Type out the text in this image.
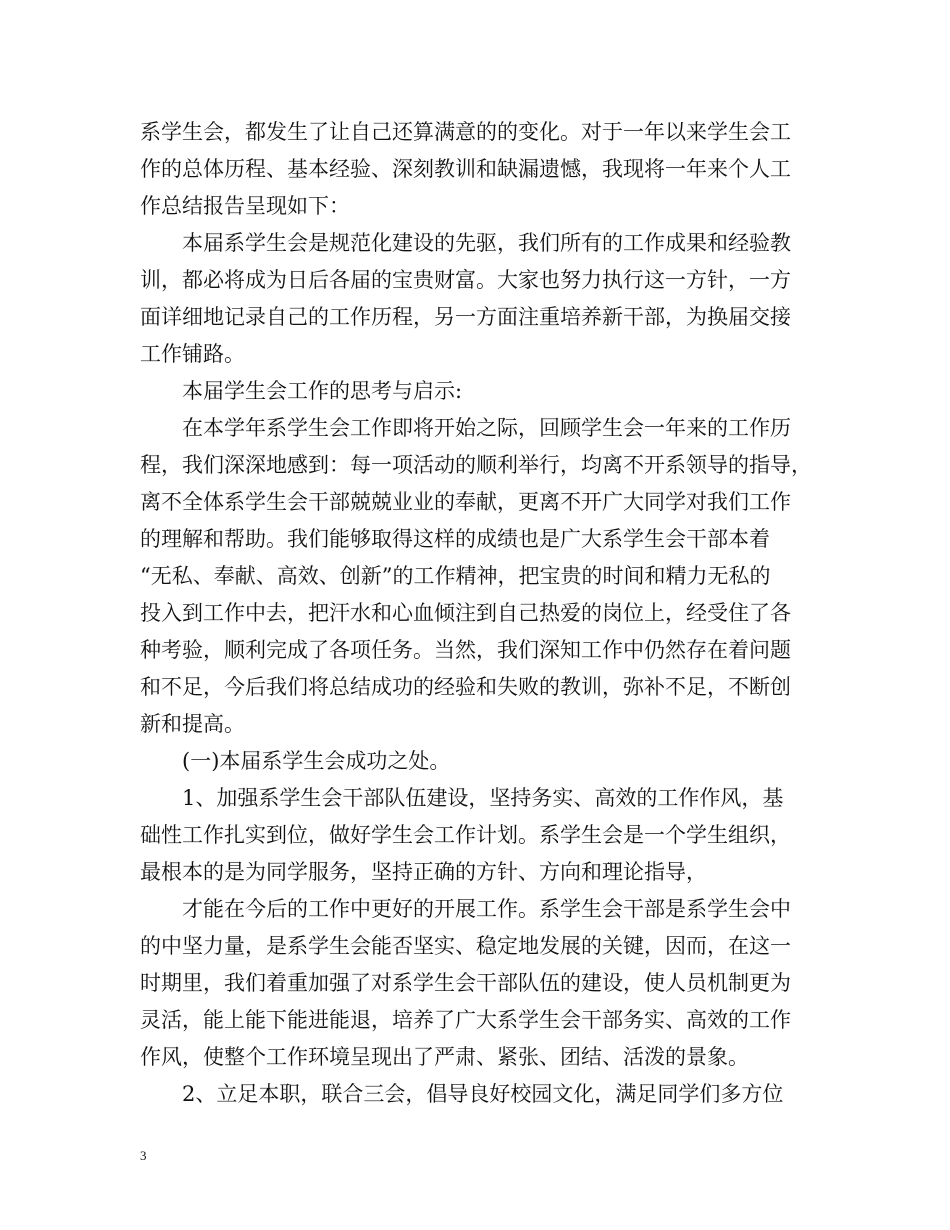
系学生会，都发生了让自己还算满意的的变化。对于一年以来学生会工
作的总体历程、基本经验、深刻教训和缺漏遗憾，我现将一年来个人工
作总结报告呈现如下：
本届系学生会是规范化建设的先驱，我们所有的工作成果和经验教
训，都必将成为日后各届的宝贵财富。大家也努力执行这一方针，一方
面详细地记录自己的工作历程，另一方面注重培养新干部，为换届交接
工作铺路。
本届学生会工作的思考与启示:
在本学年系学生会工作即将开始之际，回顾学生会一年来的工作历
程，我们深深地感到：每一项活动的顺利举行，均离不开系领导的指导，
离不全体系学生会干部兢兢业业的奉献，更离不开广大同学对我们工作
的理解和帮助。我们能够取得这样的成绩也是广大系学生会干部本着
“无私、奉献、高效、创新”的工作精神，把宝贵的时间和精力无私的
投入到工作中去，把汗水和心血倾注到自己热爱的岗位上，经受住了各
种考验，顺利完成了各项任务。当然，我们深知工作中仍然存在着问题
和不足，今后我们将总结成功的经验和失败的教训，弥补不足，不断创
新和提高。
(一)本届系学生会成功之处。
1、加强系学生会干部队伍建设，坚持务实、高效的工作作风，基
础性工作扎实到位，做好学生会工作计划。系学生会是一个学生组织，
最根本的是为同学服务，坚持正确的方针、方向和理论指导，
才能在今后的工作中更好的开展工作。系学生会干部是系学生会中
的中坚力量，是系学生会能否坚实、稳定地发展的关键，因而，在这一
时期里，我们着重加强了对系学生会干部队伍的建设，使人员机制更为
灵活，能上能下能进能退，培养了广大系学生会干部务实、高效的工作
作风，使整个工作环境呈现出了严肃、紧张、团结、活泼的景象。
2、立足本职，联合三会，倡导良好校园文化，满足同学们多方位
3
